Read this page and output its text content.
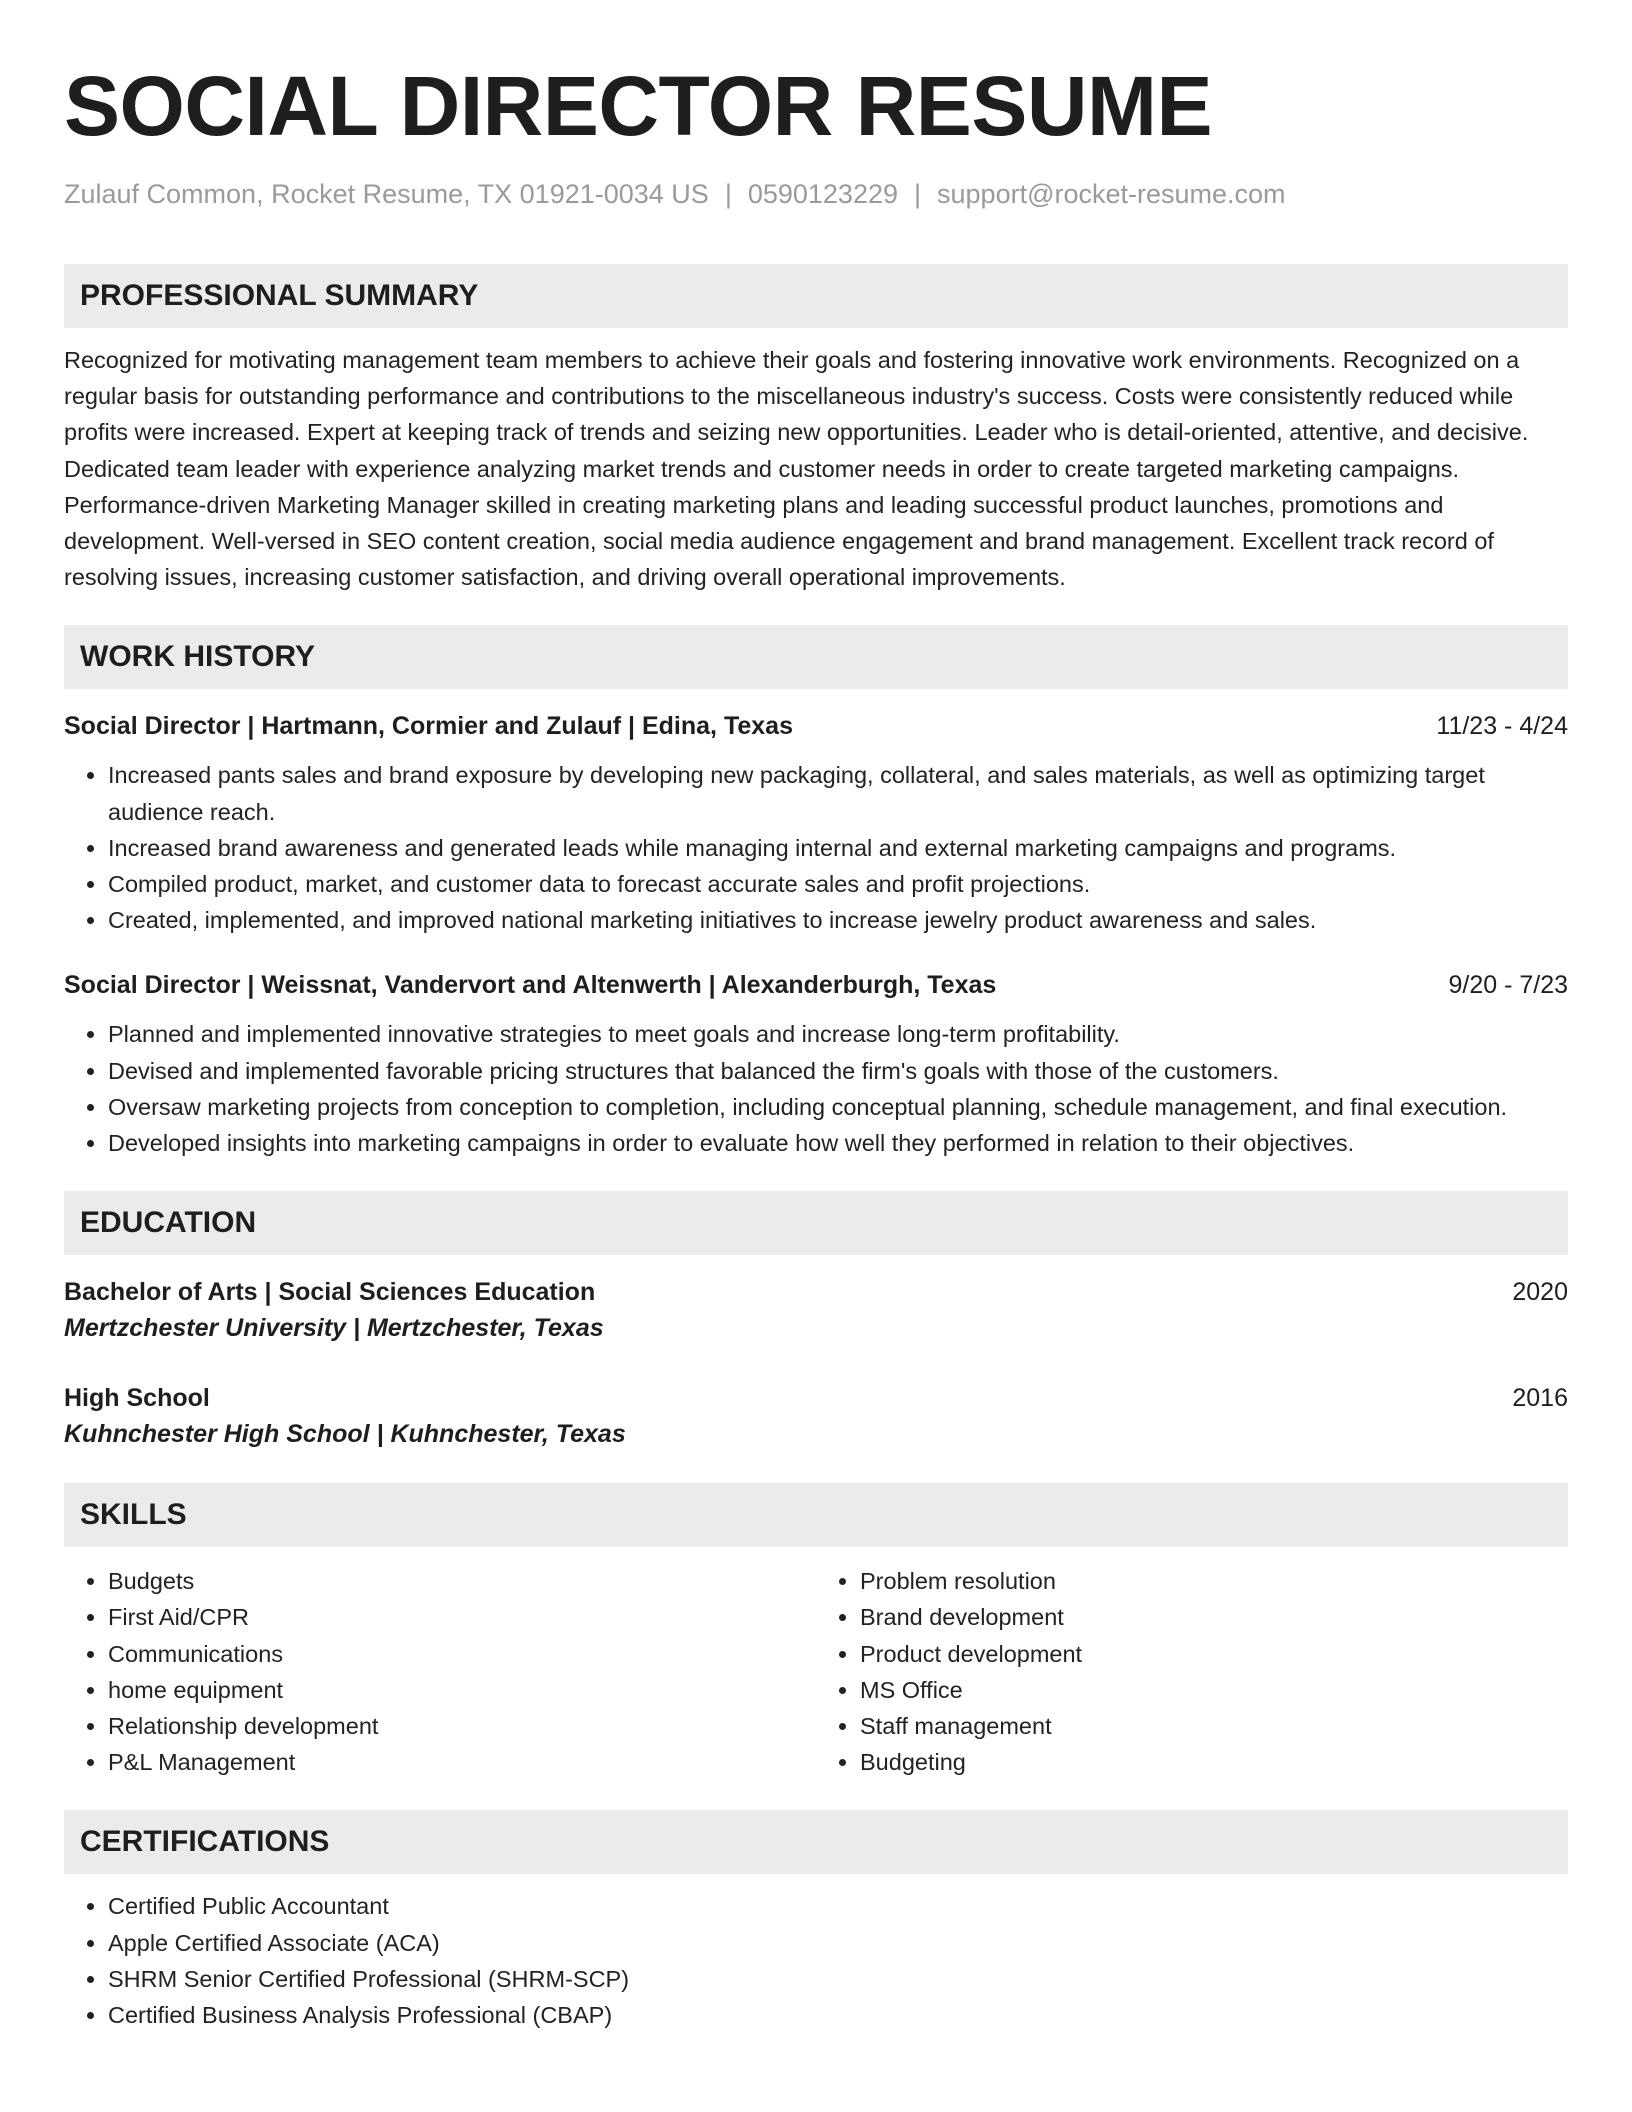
SOCIAL DIRECTOR RESUME
Zulauf Common, Rocket Resume, TX 01921-0034 US | 0590123229 | support@rocket-resume.com
PROFESSIONAL SUMMARY
Recognized for motivating management team members to achieve their goals and fostering innovative work environments. Recognized on a regular basis for outstanding performance and contributions to the miscellaneous industry's success. Costs were consistently reduced while profits were increased. Expert at keeping track of trends and seizing new opportunities. Leader who is detail-oriented, attentive, and decisive. Dedicated team leader with experience analyzing market trends and customer needs in order to create targeted marketing campaigns. Performance-driven Marketing Manager skilled in creating marketing plans and leading successful product launches, promotions and development. Well-versed in SEO content creation, social media audience engagement and brand management. Excellent track record of resolving issues, increasing customer satisfaction, and driving overall operational improvements.
WORK HISTORY
Social Director | Hartmann, Cormier and Zulauf | Edina, Texas	11/23 - 4/24
• Increased pants sales and brand exposure by developing new packaging, collateral, and sales materials, as well as optimizing target audience reach.
• Increased brand awareness and generated leads while managing internal and external marketing campaigns and programs.
• Compiled product, market, and customer data to forecast accurate sales and profit projections.
• Created, implemented, and improved national marketing initiatives to increase jewelry product awareness and sales.
Social Director | Weissnat, Vandervort and Altenwerth | Alexanderburgh, Texas	9/20 - 7/23
• Planned and implemented innovative strategies to meet goals and increase long-term profitability.
• Devised and implemented favorable pricing structures that balanced the firm's goals with those of the customers.
• Oversaw marketing projects from conception to completion, including conceptual planning, schedule management, and final execution.
• Developed insights into marketing campaigns in order to evaluate how well they performed in relation to their objectives.
EDUCATION
Bachelor of Arts | Social Sciences Education	2020
Mertzchester University | Mertzchester, Texas
High School	2016
Kuhnchester High School | Kuhnchester, Texas
SKILLS
• Budgets
• First Aid/CPR
• Communications
• home equipment
• Relationship development
• P&L Management
• Problem resolution
• Brand development
• Product development
• MS Office
• Staff management
• Budgeting
CERTIFICATIONS
• Certified Public Accountant
• Apple Certified Associate (ACA)
• SHRM Senior Certified Professional (SHRM-SCP)
• Certified Business Analysis Professional (CBAP)
